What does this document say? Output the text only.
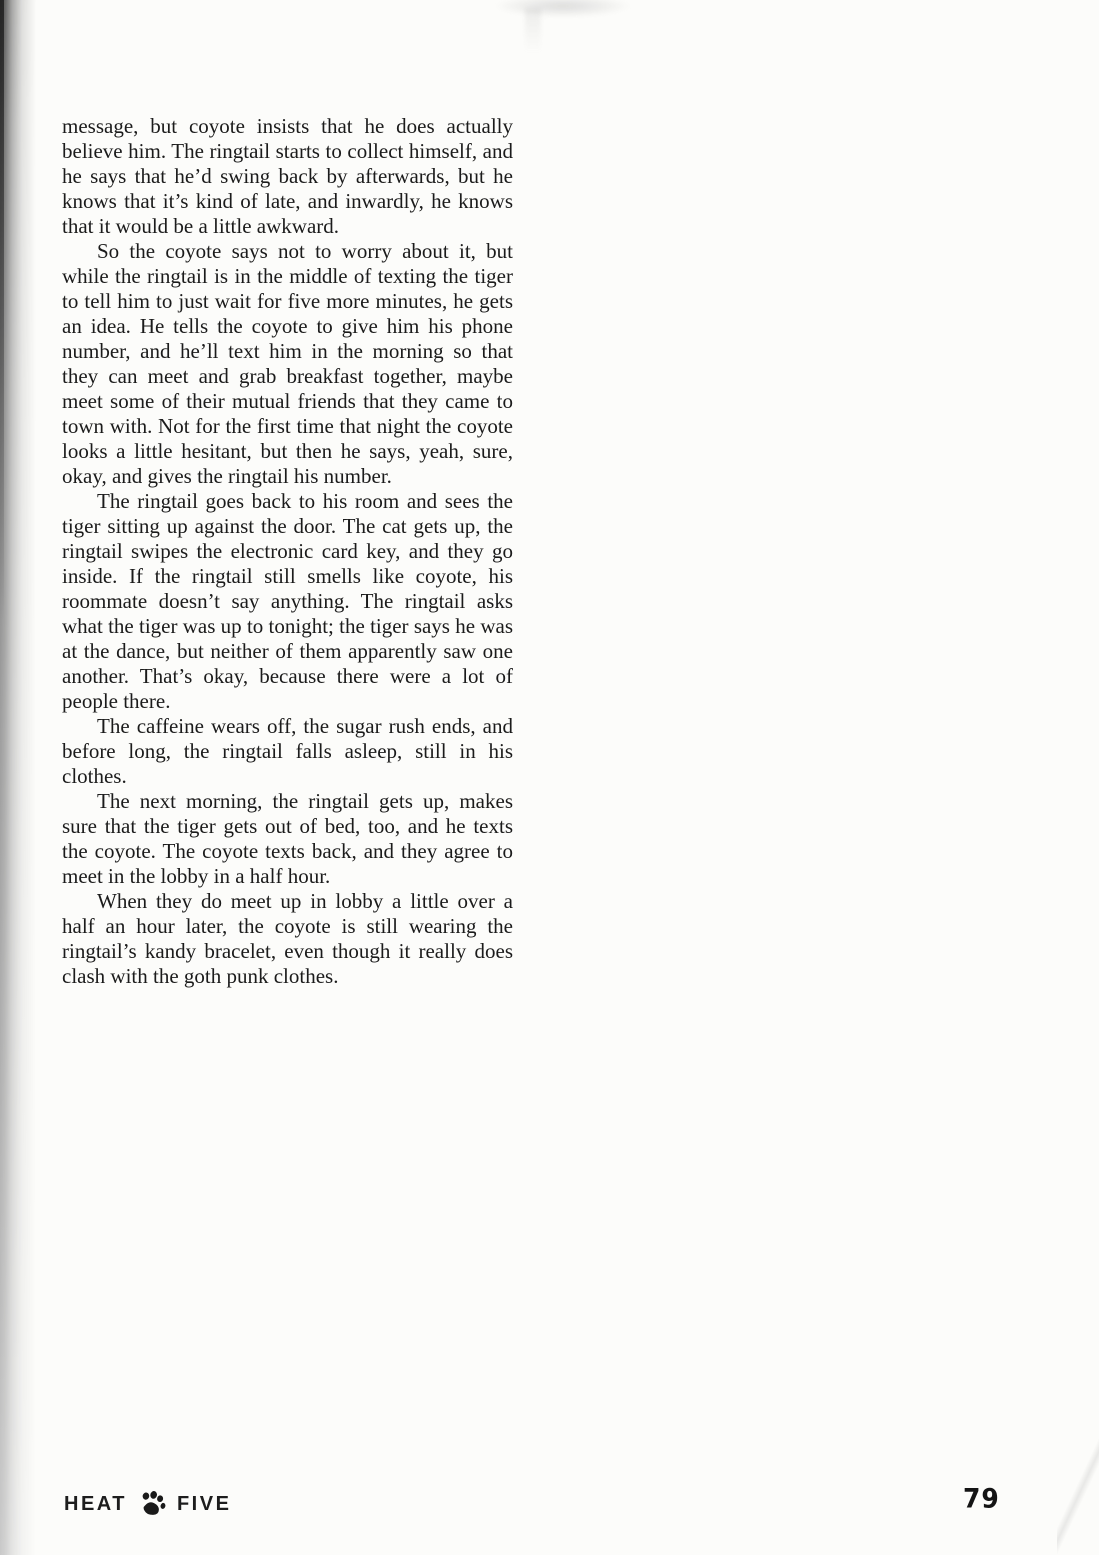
message, but coyote insists that he does actually believe him. The ringtail starts to collect himself, and he says that he’d swing back by afterwards, but he knows that it’s kind of late, and inwardly, he knows that it would be a little awkward.

So the coyote says not to worry about it, but while the ringtail is in the middle of texting the tiger to tell him to just wait for five more minutes, he gets an idea. He tells the coyote to give him his phone number, and he’ll text him in the morning so that they can meet and grab breakfast together, maybe meet some of their mutual friends that they came to town with. Not for the first time that night the coyote looks a little hesitant, but then he says, yeah, sure, okay, and gives the ringtail his number.

The ringtail goes back to his room and sees the tiger sitting up against the door. The cat gets up, the ringtail swipes the electronic card key, and they go inside. If the ringtail still smells like coyote, his roommate doesn’t say anything. The ringtail asks what the tiger was up to tonight; the tiger says he was at the dance, but neither of them apparently saw one another. That’s okay, because there were a lot of people there.

The caffeine wears off, the sugar rush ends, and before long, the ringtail falls asleep, still in his clothes.

The next morning, the ringtail gets up, makes sure that the tiger gets out of bed, too, and he texts the coyote. The coyote texts back, and they agree to meet in the lobby in a half hour.

When they do meet up in lobby a little over a half an hour later, the coyote is still wearing the ringtail’s kandy bracelet, even though it really does clash with the goth punk clothes.

HEAT	FIVE	79
